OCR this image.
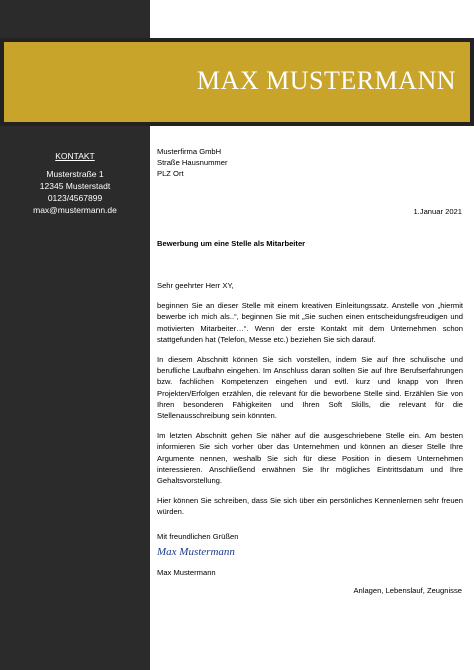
MAX MUSTERMANN
KONTAKT
Musterstraße 1
12345 Musterstadt
0123/4567899
max@mustermann.de
Musterfirma GmbH
Straße Hausnummer
PLZ Ort
1.Januar 2021
Bewerbung um eine Stelle als Mitarbeiter

Sehr geehrter Herr XY,

beginnen Sie an dieser Stelle mit einem kreativen Einleitungssatz. Anstelle von „hiermit bewerbe ich mich als..“, beginnen Sie mit „Sie suchen einen entscheidungsfreudigen und motivierten Mitarbeiter…“. Wenn der erste Kontakt mit dem Unternehmen schon stattgefunden hat (Telefon, Messe etc.) beziehen Sie sich darauf.

In diesem Abschnitt können Sie sich vorstellen, indem Sie auf Ihre schulische und berufliche Laufbahn eingehen. Im Anschluss daran sollten Sie auf Ihre Berufserfahrungen bzw. fachlichen Kompetenzen eingehen und evtl. kurz und knapp von Ihren Projekten/Erfolgen erzählen, die relevant für die beworbene Stelle sind. Erzählen Sie von Ihren besonderen Fähigkeiten und Ihren Soft Skills, die relevant für die Stellenausschreibung sein könnten.

Im letzten Abschnitt gehen Sie näher auf die ausgeschriebene Stelle ein. Am besten informieren Sie sich vorher über das Unternehmen und können an dieser Stelle Ihre Argumente nennen, weshalb Sie sich für diese Position in diesem Unternehmen interessieren. Anschließend erwähnen Sie Ihr mögliches Eintrittsdatum und Ihre Gehaltsvorstellung.

Hier können Sie schreiben, dass Sie sich über ein persönliches Kennenlernen sehr freuen würden.

Mit freundlichen Grüßen
Max Mustermann
Max Mustermann
Anlagen, Lebenslauf, Zeugnisse
